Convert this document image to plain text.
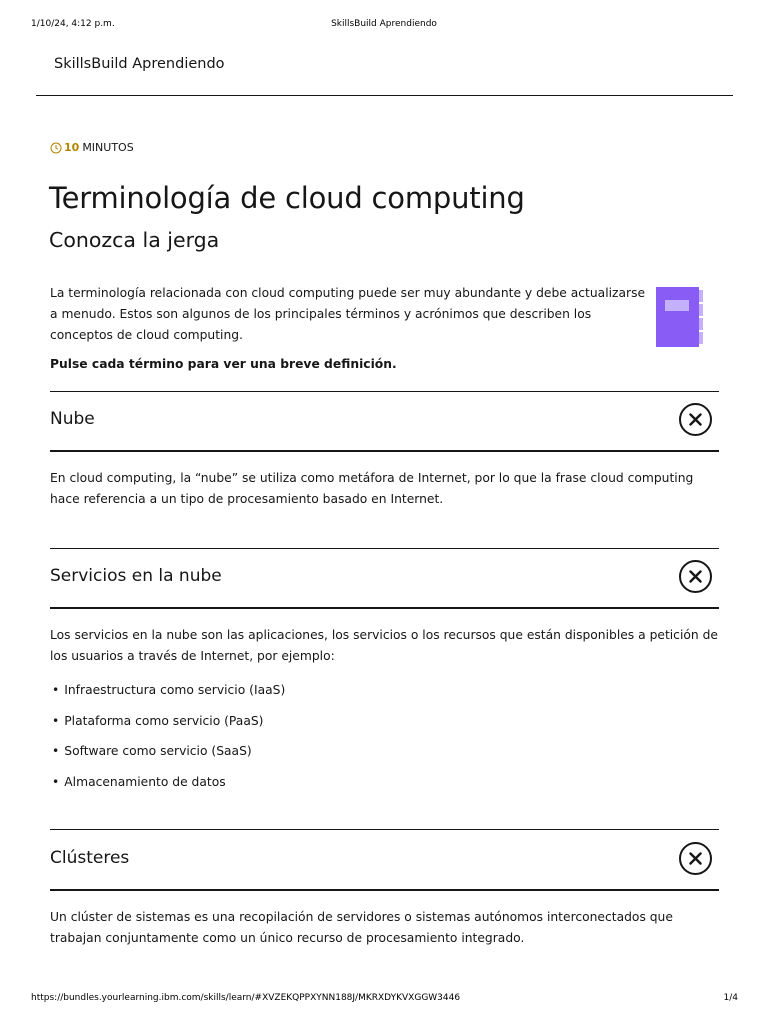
1/10/24, 4:12 p.m.	SkillsBuild Aprendiendo
SkillsBuild Aprendiendo
10 MINUTOS
Terminología de cloud computing
Conozca la jerga

La terminología relacionada con cloud computing puede ser muy abundante y debe actualizarse a menudo. Estos son algunos de los principales términos y acrónimos que describen los conceptos de cloud computing.

Pulse cada término para ver una breve definición.

Nube

En cloud computing, la “nube” se utiliza como metáfora de Internet, por lo que la frase cloud computing hace referencia a un tipo de procesamiento basado en Internet.

Servicios en la nube

Los servicios en la nube son las aplicaciones, los servicios o los recursos que están disponibles a petición de los usuarios a través de Internet, por ejemplo:

• Infraestructura como servicio (IaaS)
• Plataforma como servicio (PaaS)
• Software como servicio (SaaS)
• Almacenamiento de datos
Clústeres

Un clúster de sistemas es una recopilación de servidores o sistemas autónomos interconectados que trabajan conjuntamente como un único recurso de procesamiento integrado.

https://bundles.yourlearning.ibm.com/skills/learn/#XVZEKQPPXYNN188J/MKRXDYKVXGGW3446	1/4
